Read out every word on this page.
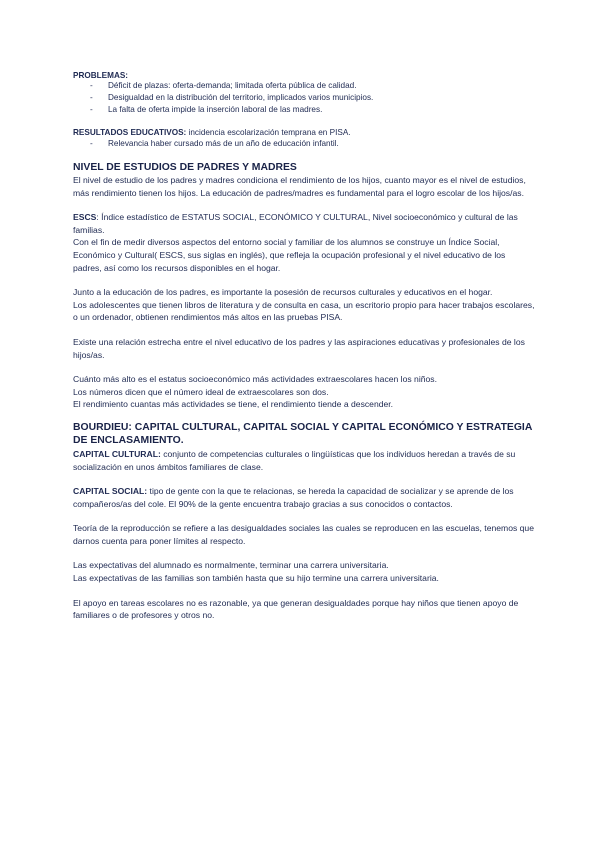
PROBLEMAS:

- Déficit de plazas: oferta-demanda; limitada oferta pública de calidad.
- Desigualdad en la distribución del territorio, implicados varios municipios.
- La falta de oferta impide la inserción laboral de las madres.

RESULTADOS EDUCATIVOS: incidencia escolarización temprana en PISA.

- Relevancia haber cursado más de un año de educación infantil.
NIVEL DE ESTUDIOS DE PADRES Y MADRES

El nivel de estudio de los padres y madres condiciona el rendimiento de los hijos, cuanto mayor es el nivel de estudios, más rendimiento tienen los hijos. La educación de padres/madres es fundamental para el logro escolar de los hijos/as.

ESCS: Índice estadístico de ESTATUS SOCIAL, ECONÓMICO Y CULTURAL, Nivel socioeconómico y cultural de las familias.

Con el fin de medir diversos aspectos del entorno social y familiar de los alumnos se construye un Índice Social, Económico y Cultural( ESCS, sus siglas en inglés), que refleja la ocupación profesional y el nivel educativo de los padres, así como los recursos disponibles en el hogar.

Junto a la educación de los padres, es importante la posesión de recursos culturales y educativos en el hogar.

Los adolescentes que tienen libros de literatura y de consulta en casa, un escritorio propio para hacer trabajos escolares, o un ordenador, obtienen rendimientos más altos en las pruebas PISA.

Existe una relación estrecha entre el nivel educativo de los padres y las aspiraciones educativas y profesionales de los hijos/as.

Cuánto más alto es el estatus socioeconómico más actividades extraescolares hacen los niños.

Los números dicen que el número ideal de extraescolares son dos.

El rendimiento cuantas más actividades se tiene, el rendimiento tiende a descender.

BOURDIEU: CAPITAL CULTURAL, CAPITAL SOCIAL Y CAPITAL ECONÓMICO Y ESTRATEGIA DE ENCLASAMIENTO.

CAPITAL CULTURAL: conjunto de competencias culturales o lingüísticas que los individuos heredan a través de su socialización en unos ámbitos familiares de clase.

CAPITAL SOCIAL: tipo de gente con la que te relacionas, se hereda la capacidad de socializar y se aprende de los compañeros/as del cole. El 90% de la gente encuentra trabajo gracias a sus conocidos o contactos.

Teoría de la reproducción se refiere a las desigualdades sociales las cuales se reproducen en las escuelas, tenemos que darnos cuenta para poner límites al respecto.

Las expectativas del alumnado es normalmente, terminar una carrera universitaria.

Las expectativas de las familias son también hasta que su hijo termine una carrera universitaria.

El apoyo en tareas escolares no es razonable, ya que generan desigualdades porque hay niños que tienen apoyo de familiares o de profesores y otros no.
